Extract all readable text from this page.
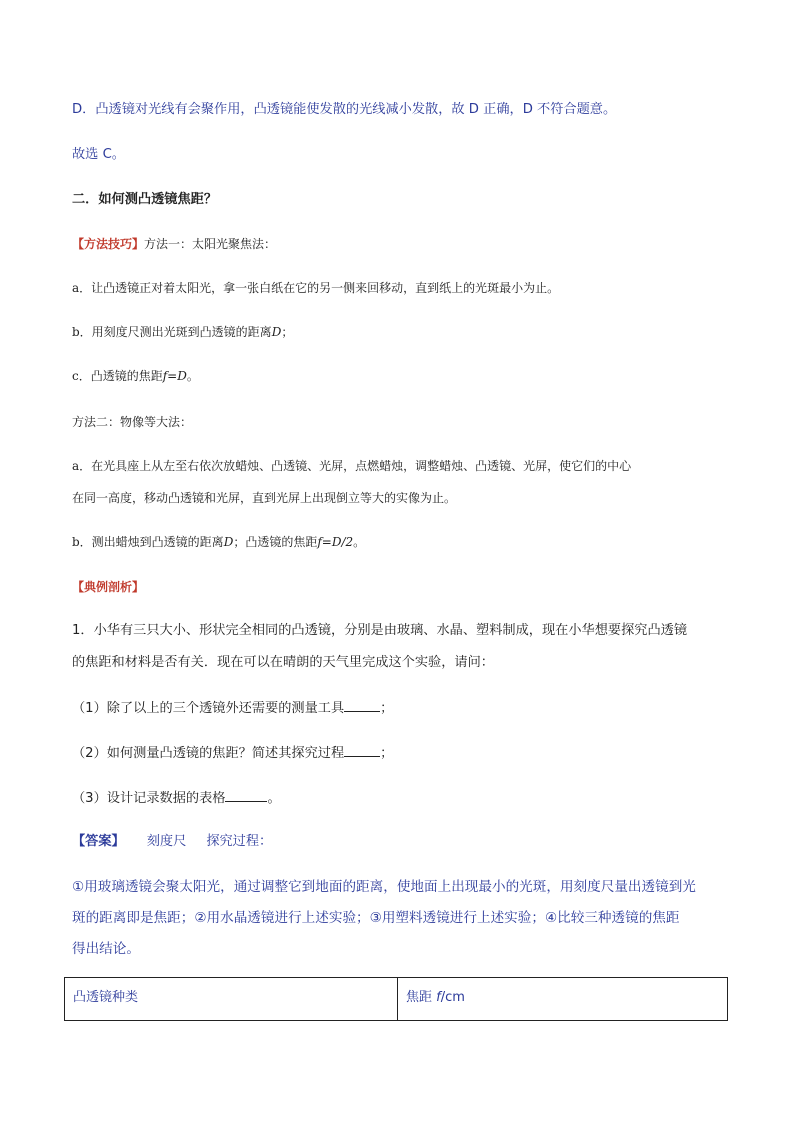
D．凸透镜对光线有会聚作用，凸透镜能使发散的光线减小发散，故 D 正确，D 不符合题意。
故选 C。
二．如何测凸透镜焦距？
【方法技巧】方法一：太阳光聚焦法：
a．让凸透镜正对着太阳光，拿一张白纸在它的另一侧来回移动，直到纸上的光斑最小为止。
b．用刻度尺测出光斑到凸透镜的距离D；
c．凸透镜的焦距f=D。
方法二：物像等大法：
a．在光具座上从左至右依次放蜡烛、凸透镜、光屏，点燃蜡烛，调整蜡烛、凸透镜、光屏，使它们的中心
在同一高度，移动凸透镜和光屏，直到光屏上出现倒立等大的实像为止。
b．测出蜡烛到凸透镜的距离D；凸透镜的焦距f=D/2。
【典例剖析】
1．小华有三只大小、形状完全相同的凸透镜，分别是由玻璃、水晶、塑料制成，现在小华想要探究凸透镜
的焦距和材料是否有关．现在可以在晴朗的天气里完成这个实验，请问：
（1）除了以上的三个透镜外还需要的测量工具	；
（2）如何测量凸透镜的焦距？简述其探究过程	；
（3）设计记录数据的表格	。
【答案】 刻度尺 探究过程：
①用玻璃透镜会聚太阳光，通过调整它到地面的距离，使地面上出现最小的光斑，用刻度尺量出透镜到光
斑的距离即是焦距；②用水晶透镜进行上述实验；③用塑料透镜进行上述实验；④比较三种透镜的焦距
得出结论。
凸透镜种类	焦距 f/cm
